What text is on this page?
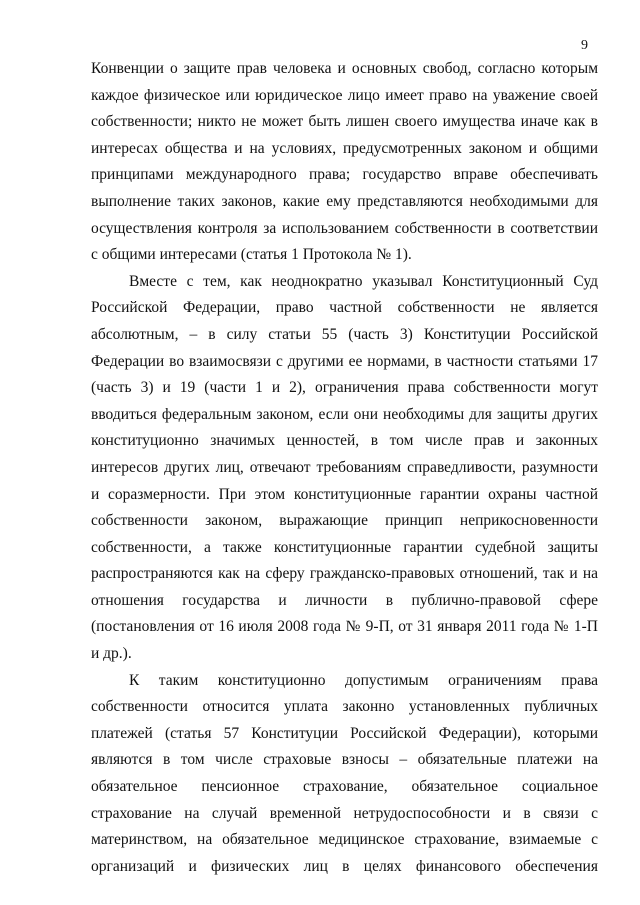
9
Конвенции о защите прав человека и основных свобод, согласно которым
каждое физическое или юридическое лицо имеет право на уважение своей
собственности; никто не может быть лишен своего имущества иначе как в
интересах общества и на условиях, предусмотренных законом и общими
принципами международного права; государство вправе обеспечивать
выполнение таких законов, какие ему представляются необходимыми для
осуществления контроля за использованием собственности в соответствии
с общими интересами (статья 1 Протокола № 1).
Вместе с тем, как неоднократно указывал Конституционный Суд
Российской Федерации, право частной собственности не является
абсолютным, – в силу статьи 55 (часть 3) Конституции Российской
Федерации во взаимосвязи с другими ее нормами, в частности статьями 17
(часть 3) и 19 (части 1 и 2), ограничения права собственности могут
вводиться федеральным законом, если они необходимы для защиты других
конституционно значимых ценностей, в том числе прав и законных
интересов других лиц, отвечают требованиям справедливости, разумности
и соразмерности. При этом конституционные гарантии охраны частной
собственности законом, выражающие принцип неприкосновенности
собственности, а также конституционные гарантии судебной защиты
распространяются как на сферу гражданско-правовых отношений, так и на
отношения государства и личности в публично-правовой сфере
(постановления от 16 июля 2008 года № 9-П, от 31 января 2011 года № 1-П
и др.).
К таким конституционно допустимым ограничениям права
собственности относится уплата законно установленных публичных
платежей (статья 57 Конституции Российской Федерации), которыми
являются в том числе страховые взносы – обязательные платежи на
обязательное пенсионное страхование, обязательное социальное
страхование на случай временной нетрудоспособности и в связи с
материнством, на обязательное медицинское страхование, взимаемые с
организаций и физических лиц в целях финансового обеспечения
